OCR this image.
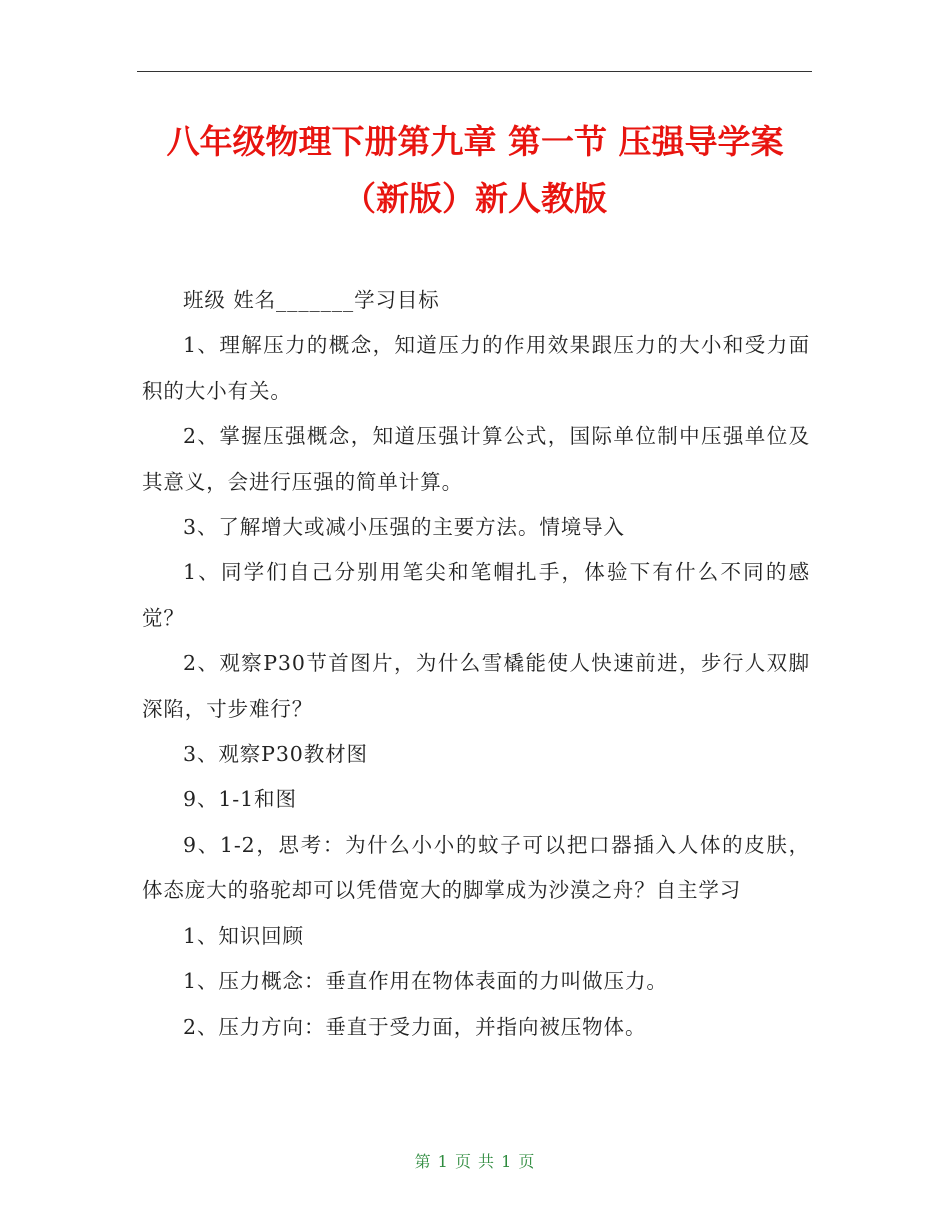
八年级物理下册第九章 第一节 压强导学案
（新版）新人教版

班级 姓名_______学习目标

1、理解压力的概念，知道压力的作用效果跟压力的大小和受力面积的大小有关。

2、掌握压强概念，知道压强计算公式，国际单位制中压强单位及其意义，会进行压强的简单计算。

3、了解增大或减小压强的主要方法。情境导入

1、同学们自己分别用笔尖和笔帽扎手，体验下有什么不同的感觉？

2、观察P30节首图片，为什么雪橇能使人快速前进，步行人双脚深陷，寸步难行？

3、观察P30教材图

9、1-1和图

9、1-2，思考：为什么小小的蚊子可以把口器插入人体的皮肤，体态庞大的骆驼却可以凭借宽大的脚掌成为沙漠之舟？自主学习

1、知识回顾

1、压力概念：垂直作用在物体表面的力叫做压力。

2、压力方向：垂直于受力面，并指向被压物体。

第 1 页 共 1 页
